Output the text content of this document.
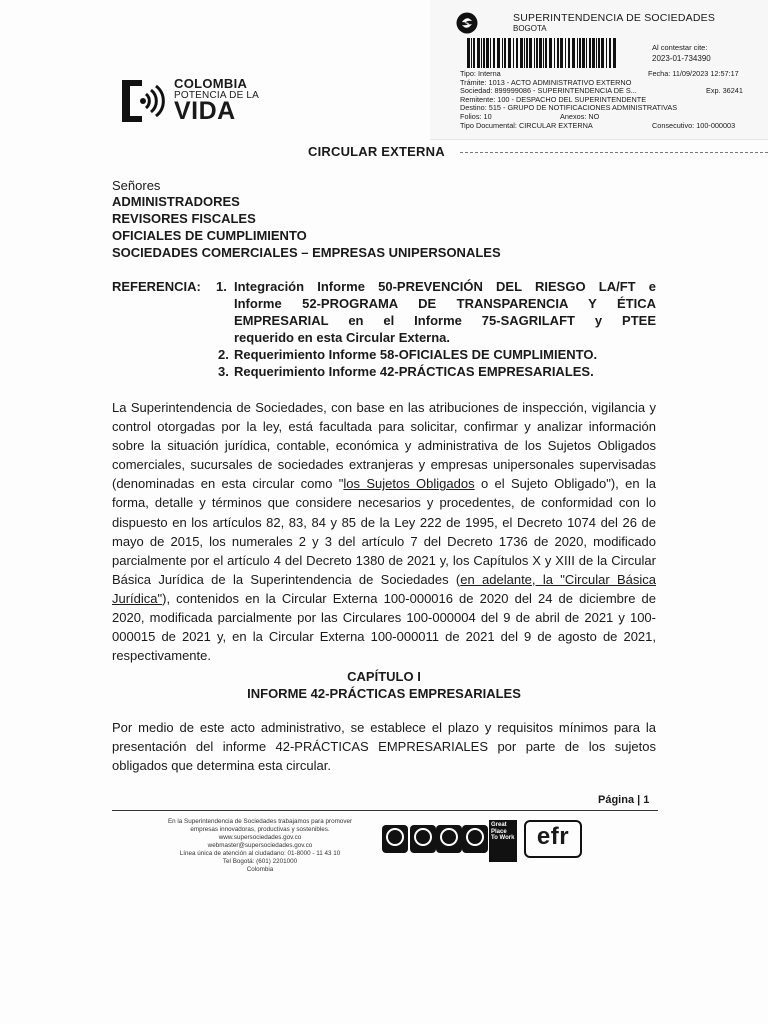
COLOMBIA
POTENCIA DE LA
VIDA
SUPERINTENDENCIA DE SOCIEDADES
BOGOTA
Al contestar cite:
2023-01-734390
Tipo: Interna	Fecha: 11/09/2023 12:57:17
Trámite: 1013 - ACTO ADMINISTRATIVO EXTERNO
Sociedad: 899999086 - SUPERINTENDENCIA DE S...	Exp. 36241
Remitente: 100 - DESPACHO DEL SUPERINTENDENTE
Destino: 515 - GRUPO DE NOTIFICACIONES ADMINISTRATIVAS
Folios: 10	Anexos: NO
Tipo Documental: CIRCULAR EXTERNA	Consecutivo: 100-000003
CIRCULAR EXTERNA
Señores
ADMINISTRADORES
REVISORES FISCALES
OFICIALES DE CUMPLIMIENTO
SOCIEDADES COMERCIALES – EMPRESAS UNIPERSONALES
REFERENCIA: 1. Integración Informe 50-PREVENCIÓN DEL RIESGO LA/FT e
Informe 52-PROGRAMA DE TRANSPARENCIA Y ÉTICA
EMPRESARIAL en el Informe 75-SAGRILAFT y PTEE
requerido en esta Circular Externa.
2. Requerimiento Informe 58-OFICIALES DE CUMPLIMIENTO.
3. Requerimiento Informe 42-PRÁCTICAS EMPRESARIALES.
La Superintendencia de Sociedades, con base en las atribuciones de inspección, vigilancia y control otorgadas por la ley, está facultada para solicitar, confirmar y analizar información sobre la situación jurídica, contable, económica y administrativa de los Sujetos Obligados comerciales, sucursales de sociedades extranjeras y empresas unipersonales supervisadas (denominadas en esta circular como "los Sujetos Obligados o el Sujeto Obligado"), en la forma, detalle y términos que considere necesarios y procedentes, de conformidad con lo dispuesto en los artículos 82, 83, 84 y 85 de la Ley 222 de 1995, el Decreto 1074 del 26 de mayo de 2015, los numerales 2 y 3 del artículo 7 del Decreto 1736 de 2020, modificado parcialmente por el artículo 4 del Decreto 1380 de 2021 y, los Capítulos X y XIII de la Circular Básica Jurídica de la Superintendencia de Sociedades (en adelante, la "Circular Básica Jurídica"), contenidos en la Circular Externa 100-000016 de 2020 del 24 de diciembre de 2020, modificada parcialmente por las Circulares 100-000004 del 9 de abril de 2021 y 100-000015 de 2021 y, en la Circular Externa 100-000011 de 2021 del 9 de agosto de 2021, respectivamente.
CAPÍTULO I
INFORME 42-PRÁCTICAS EMPRESARIALES
Por medio de este acto administrativo, se establece el plazo y requisitos mínimos para la presentación del informe 42-PRÁCTICAS EMPRESARIALES por parte de los sujetos obligados que determina esta circular.
Página | 1
En la Superintendencia de Sociedades trabajamos para promover
empresas innovadoras, productivas y sostenibles.
www.supersociedades.gov.co
webmaster@supersociedades.gov.co
Línea única de atención al ciudadano: 01-8000 - 11 43 10
Tel Bogotá: (601) 2201000
Colombia
Great Place To Work efr
